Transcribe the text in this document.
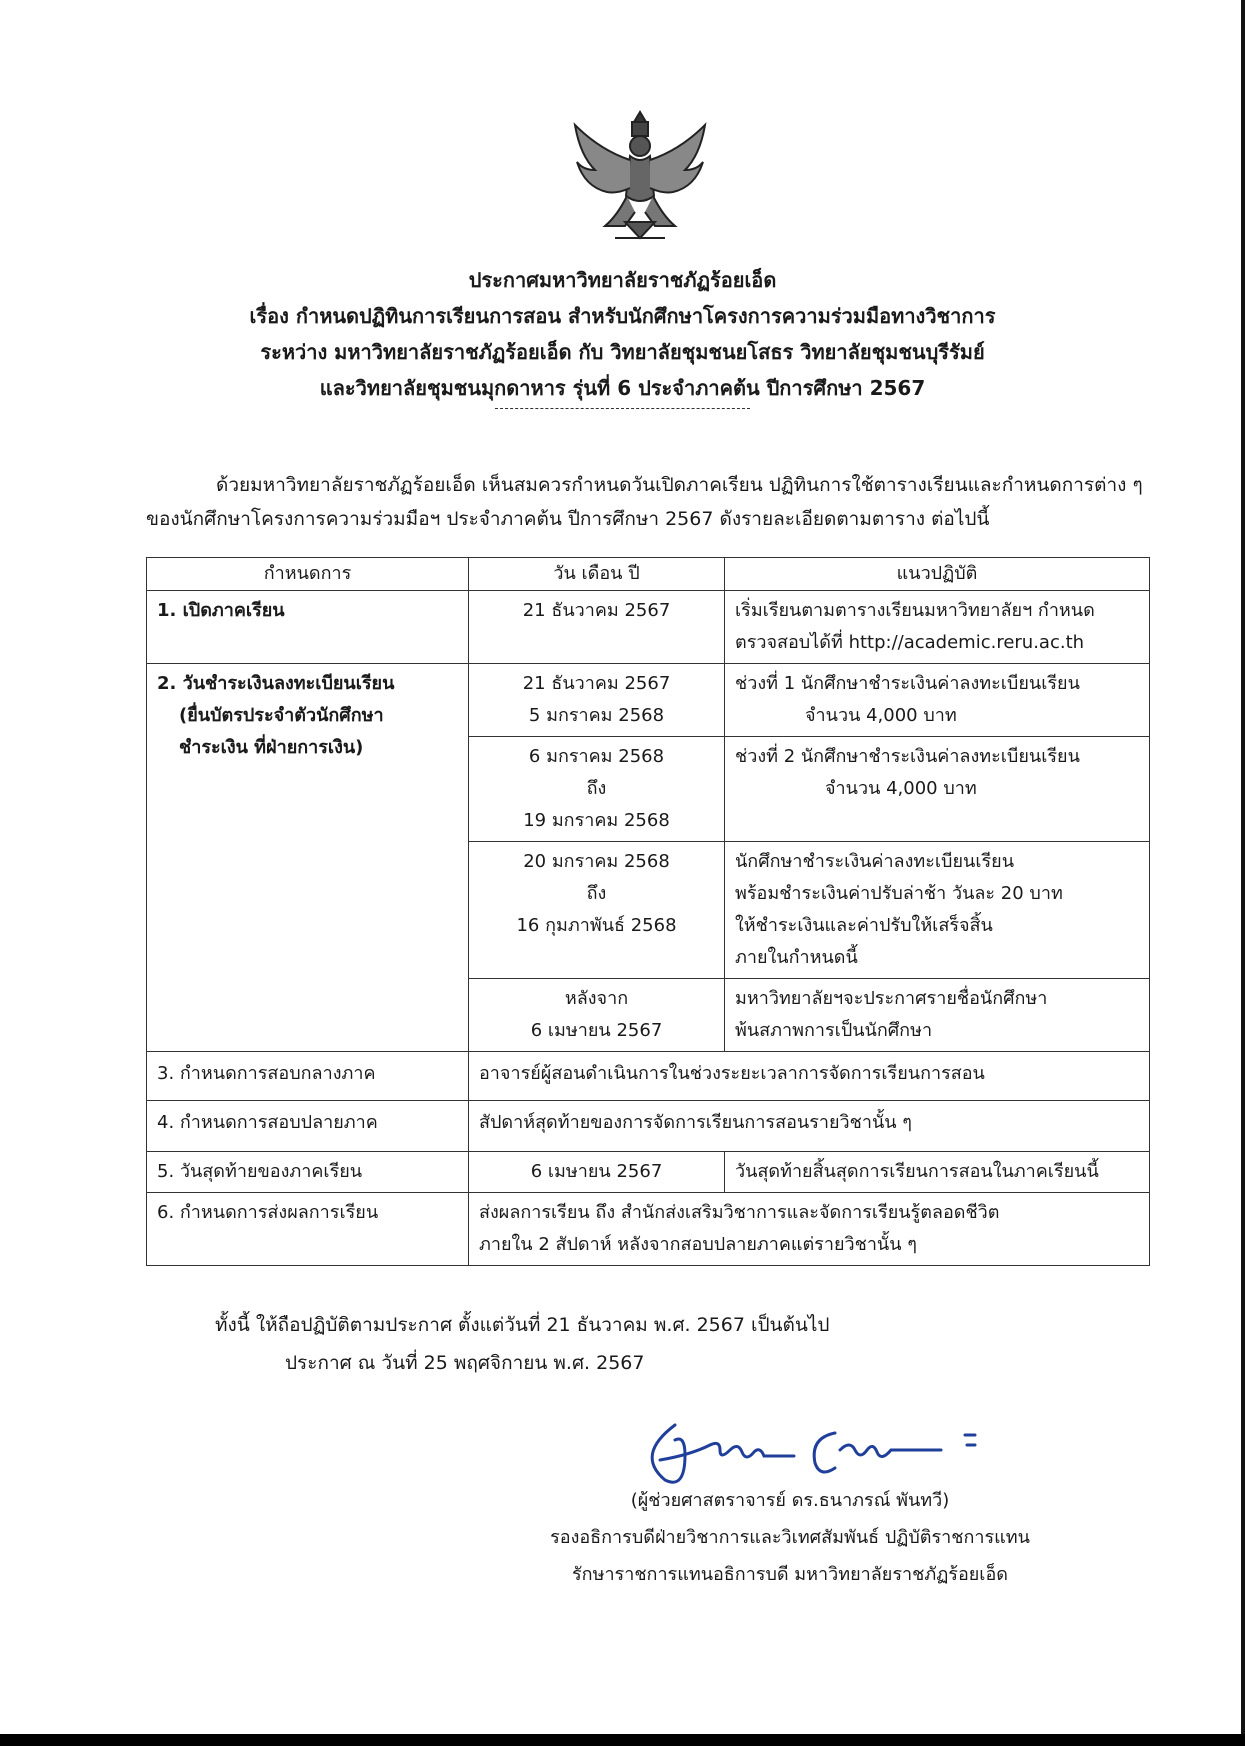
ประกาศมหาวิทยาลัยราชภัฏร้อยเอ็ด
เรื่อง กำหนดปฏิทินการเรียนการสอน สำหรับนักศึกษาโครงการความร่วมมือทางวิชาการ
ระหว่าง มหาวิทยาลัยราชภัฏร้อยเอ็ด กับ วิทยาลัยชุมชนยโสธร วิทยาลัยชุมชนบุรีรัมย์
และวิทยาลัยชุมชนมุกดาหาร รุ่นที่ 6 ประจำภาคต้น ปีการศึกษา 2567

ด้วยมหาวิทยาลัยราชภัฏร้อยเอ็ด เห็นสมควรกำหนดวันเปิดภาคเรียน ปฏิทินการใช้ตารางเรียนและกำหนดการต่าง ๆ

ของนักศึกษาโครงการความร่วมมือฯ ประจำภาคต้น ปีการศึกษา 2567 ดังรายละเอียดตามตาราง ต่อไปนี้

กำหนดการ	วัน เดือน ปี	แนวปฏิบัติ
1. เปิดภาคเรียน	21 ธันวาคม 2567	เริ่มเรียนตามตารางเรียนมหาวิทยาลัยฯ กำหนด
ตรวจสอบได้ที่ http://academic.reru.ac.th

2. วันชำระเงินลงทะเบียนเรียน
(ยื่นบัตรประจำตัวนักศึกษา
ชำระเงิน ที่ฝ่ายการเงิน)	21 ธันวาคม 2567
5 มกราคม 2568	ช่วงที่ 1 นักศึกษาชำระเงินค่าลงทะเบียนเรียน
จำนวน 4,000 บาท

	6 มกราคม 2568
ถึง
19 มกราคม 2568	ช่วงที่ 2 นักศึกษาชำระเงินค่าลงทะเบียนเรียน
จำนวน 4,000 บาท

	20 มกราคม 2568
ถึง
16 กุมภาพันธ์ 2568	นักศึกษาชำระเงินค่าลงทะเบียนเรียน
พร้อมชำระเงินค่าปรับล่าช้า วันละ 20 บาท
ให้ชำระเงินและค่าปรับให้เสร็จสิ้น
ภายในกำหนดนี้

	หลังจาก
6 เมษายน 2567	มหาวิทยาลัยฯจะประกาศรายชื่อนักศึกษา
พ้นสภาพการเป็นนักศึกษา

3. กำหนดการสอบกลางภาค	อาจารย์ผู้สอนดำเนินการในช่วงระยะเวลาการจัดการเรียนการสอน	
4. กำหนดการสอบปลายภาค	สัปดาห์สุดท้ายของการจัดการเรียนการสอนรายวิชานั้น ๆ	
5. วันสุดท้ายของภาคเรียน	6 เมษายน 2567	วันสุดท้ายสิ้นสุดการเรียนการสอนในภาคเรียนนี้
6. กำหนดการส่งผลการเรียน	ส่งผลการเรียน ถึง สำนักส่งเสริมวิชาการและจัดการเรียนรู้ตลอดชีวิต
ภายใน 2 สัปดาห์ หลังจากสอบปลายภาคแต่รายวิชานั้น ๆ	
ทั้งนี้ ให้ถือปฏิบัติตามประกาศ ตั้งแต่วันที่ 21 ธันวาคม พ.ศ. 2567 เป็นต้นไป
ประกาศ ณ วันที่ 25 พฤศจิกายน พ.ศ. 2567
(ผู้ช่วยศาสตราจารย์ ดร.ธนาภรณ์ พันทวี)
รองอธิการบดีฝ่ายวิชาการและวิเทศสัมพันธ์ ปฏิบัติราชการแทน
รักษาราชการแทนอธิการบดี มหาวิทยาลัยราชภัฏร้อยเอ็ด
